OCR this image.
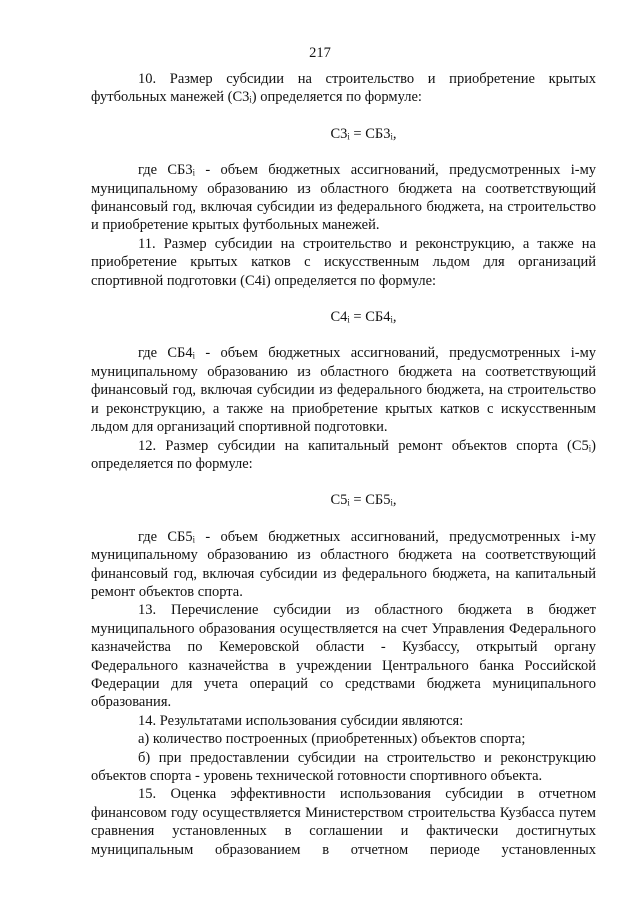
217

10. Размер субсидии на строительство и приобретение крытых футбольных манежей (С3ᵢ) определяется по формуле:

С3ᵢ = СБ3ᵢ,

где СБ3ᵢ - объем бюджетных ассигнований, предусмотренных i-му муниципальному образованию из областного бюджета на соответствующий финансовый год, включая субсидии из федерального бюджета, на строительство и приобретение крытых футбольных манежей.

11. Размер субсидии на строительство и реконструкцию, а также на приобретение крытых катков с искусственным льдом для организаций спортивной подготовки (С4i) определяется по формуле:

С4ᵢ = СБ4ᵢ,

где СБ4ᵢ - объем бюджетных ассигнований, предусмотренных i-му муниципальному образованию из областного бюджета на соответствующий финансовый год, включая субсидии из федерального бюджета, на строительство и реконструкцию, а также на приобретение крытых катков с искусственным льдом для организаций спортивной подготовки.

12. Размер субсидии на капитальный ремонт объектов спорта (С5ᵢ) определяется по формуле:

С5ᵢ = СБ5ᵢ,

где СБ5ᵢ - объем бюджетных ассигнований, предусмотренных i-му муниципальному образованию из областного бюджета на соответствующий финансовый год, включая субсидии из федерального бюджета, на капитальный ремонт объектов спорта.

13. Перечисление субсидии из областного бюджета в бюджет муниципального образования осуществляется на счет Управления Федерального казначейства по Кемеровской области - Кузбассу, открытый органу Федерального казначейства в учреждении Центрального банка Российской Федерации для учета операций со средствами бюджета муниципального образования.

14. Результатами использования субсидии являются:

а) количество построенных (приобретенных) объектов спорта;

б) при предоставлении субсидии на строительство и реконструкцию объектов спорта - уровень технической готовности спортивного объекта.

15. Оценка эффективности использования субсидии в отчетном финансовом году осуществляется Министерством строительства Кузбасса путем сравнения установленных в соглашении и фактически достигнутых муниципальным образованием в отчетном периоде установленных
